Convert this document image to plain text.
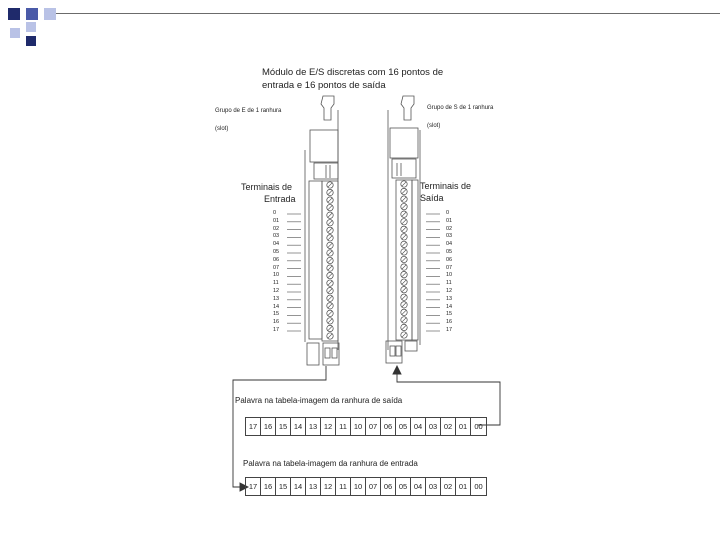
Módulo de E/S discretas com 16 pontos de
entrada e 16 pontos de saída
Grupo de E de 1 ranhura
(slot)
Grupo de S de 1 ranhura
(slot)
Terminais de
Entrada
Terminais de
Saída
0
01
02
03
04
05
06
07
10
11
12
13
14
15
16
17
0
01
02
03
04
05
06
07
10
11
12
13
14
15
16
17
Palavra na tabela-imagem da ranhura de saída
17 16 15 14 13 12 11 10 07 06 05 04 03 02 01 00
Palavra na tabela-imagem da ranhura de entrada
17 16 15 14 13 12 11 10 07 06 05 04 03 02 01 00
